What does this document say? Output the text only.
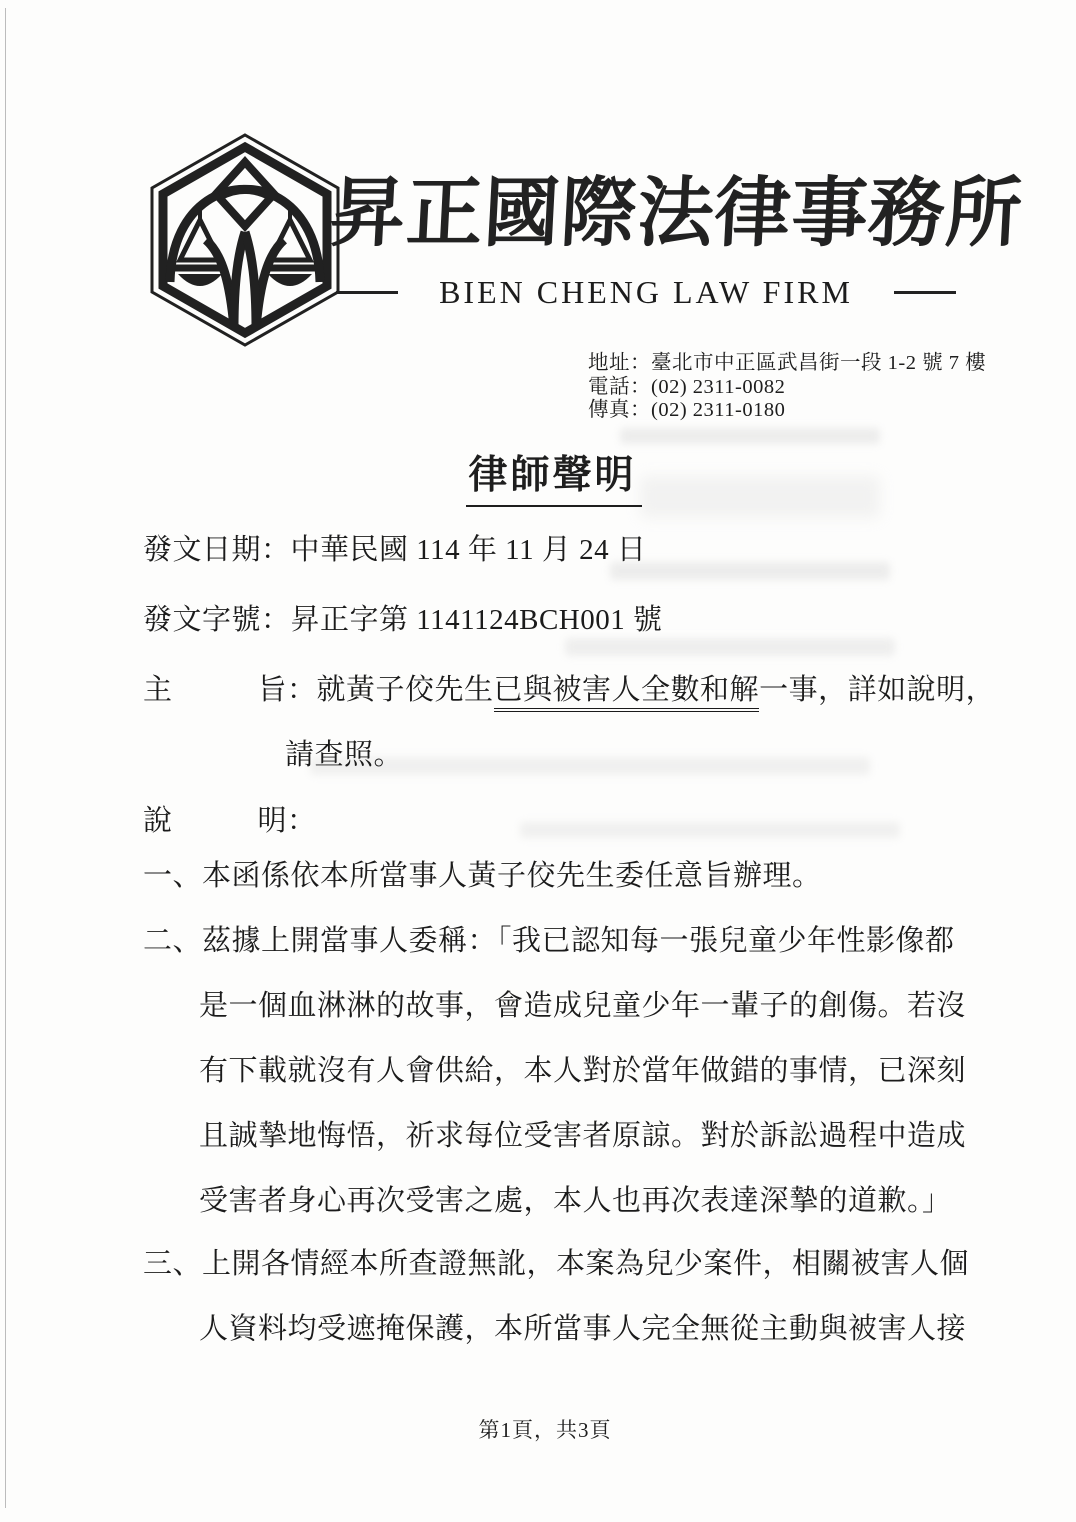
昇正國際法律事務所
BIEN CHENG LAW FIRM
地址：臺北市中正區武昌街一段 1-2 號 7 樓
電話：(02) 2311-0082
傳真：(02) 2311-0180
律師聲明
發文日期：中華民國 114 年 11 月 24 日
發文字號：昇正字第 1141124BCH001 號
主	旨： 就黃子佼先生 已與被害人全數和解 一事，詳如說明，
請查照。
說	明：
一、本函係依本所當事人黃子佼先生委任意旨辦理。
二、茲據上開當事人委稱：「我已認知每一張兒童少年性影像都
是一個血淋淋的故事，會造成兒童少年一輩子的創傷。若沒
有下載就沒有人會供給，本人對於當年做錯的事情，已深刻
且誠摯地悔悟，祈求每位受害者原諒。對於訴訟過程中造成
受害者身心再次受害之處，本人也再次表達深摯的道歉。」
三、上開各情經本所查證無訛，本案為兒少案件，相關被害人個
人資料均受遮掩保護，本所當事人完全無從主動與被害人接
第1頁，共3頁
